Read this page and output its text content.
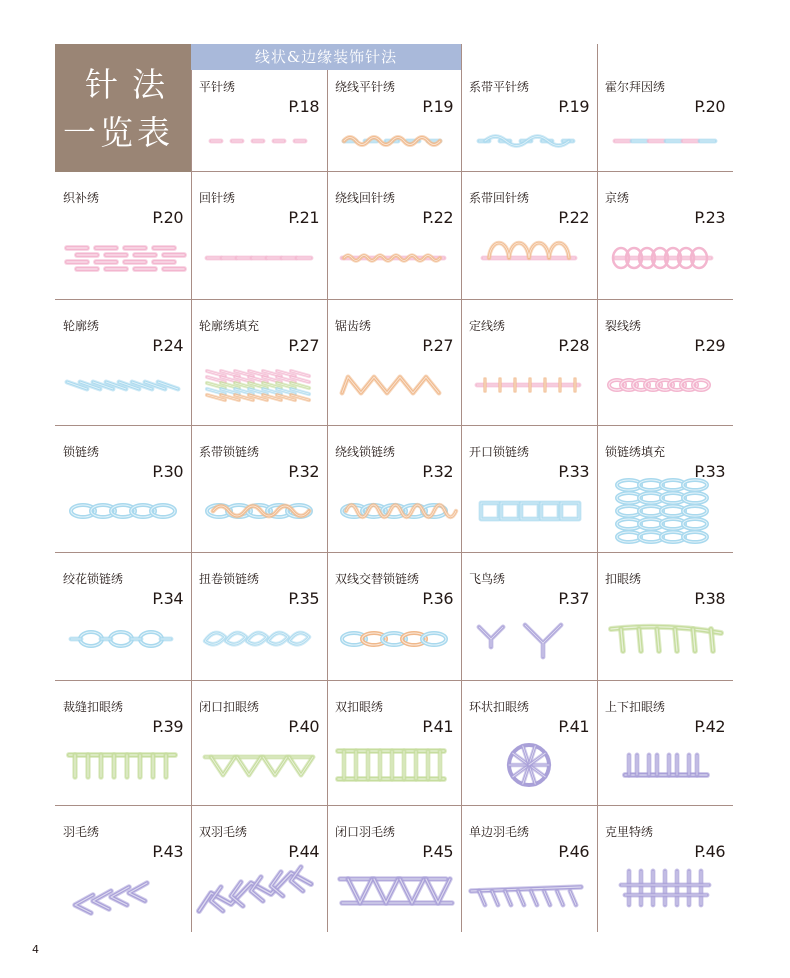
针法
一览表
线状&边缘装饰针法
平针绣
P.18
绕线平针绣
P.19
系带平针绣
P.19
霍尔拜因绣
P.20
织补绣
P.20
回针绣
P.21
绕线回针绣
P.22
系带回针绣
P.22
京绣
P.23
轮廓绣
P.24
轮廓绣填充
P.27
锯齿绣
P.27
定线绣
P.28
裂线绣
P.29
锁链绣
P.30
系带锁链绣
P.32
绕线锁链绣
P.32
开口锁链绣
P.33
锁链绣填充
P.33
绞花锁链绣
P.34
扭卷锁链绣
P.35
双线交替锁链绣
P.36
飞鸟绣
P.37
扣眼绣
P.38
裁缝扣眼绣
P.39
闭口扣眼绣
P.40
双扣眼绣
P.41
环状扣眼绣
P.41
上下扣眼绣
P.42
羽毛绣
P.43
双羽毛绣
P.44
闭口羽毛绣
P.45
单边羽毛绣
P.46
克里特绣
P.46
4
